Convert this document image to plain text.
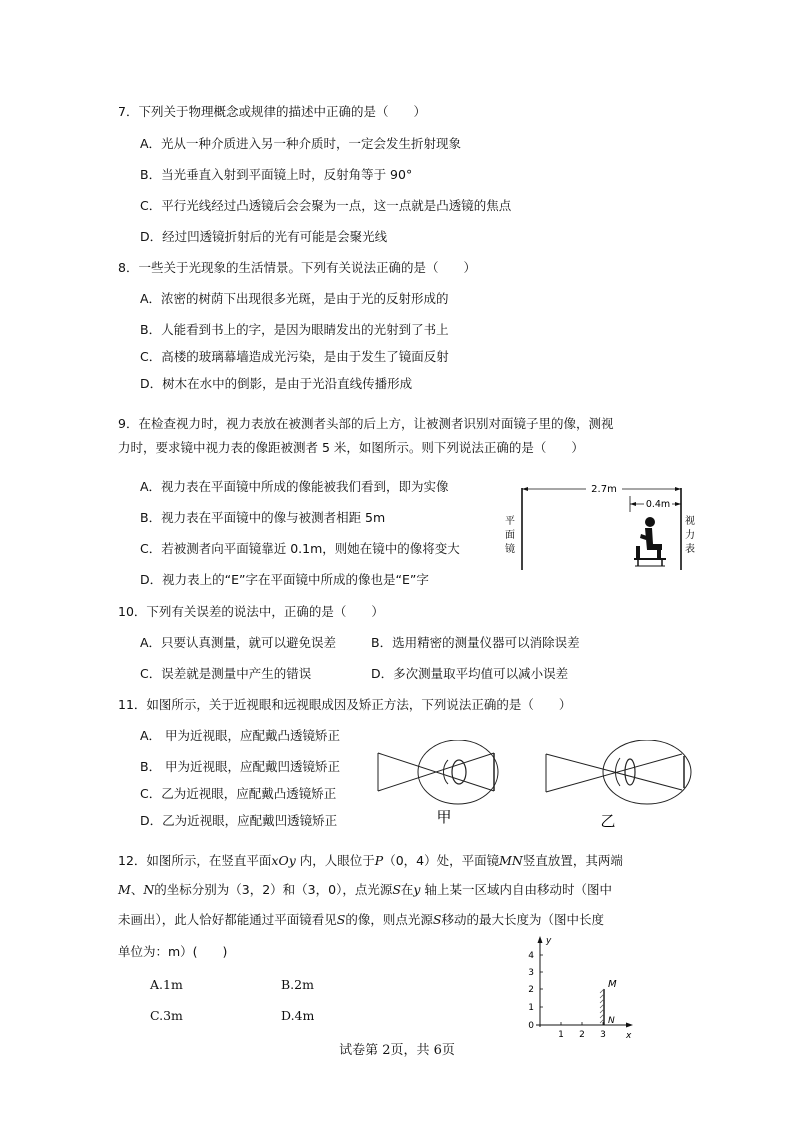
7．下列关于物理概念或规律的描述中正确的是（　　）
A．光从一种介质进入另一种介质时，一定会发生折射现象
B．当光垂直入射到平面镜上时，反射角等于 90°
C．平行光线经过凸透镜后会会聚为一点，这一点就是凸透镜的焦点
D．经过凹透镜折射后的光有可能是会聚光线
8．一些关于光现象的生活情景。下列有关说法正确的是（　　）
A．浓密的树荫下出现很多光斑，是由于光的反射形成的
B．人能看到书上的字，是因为眼睛发出的光射到了书上
C．高楼的玻璃幕墙造成光污染，是由于发生了镜面反射
D．树木在水中的倒影，是由于光沿直线传播形成
9．在检查视力时，视力表放在被测者头部的后上方，让被测者识别对面镜子里的像，测视
力时，要求镜中视力表的像距被测者 5 米，如图所示。则下列说法正确的是（　　）
A．视力表在平面镜中所成的像能被我们看到，即为实像
B．视力表在平面镜中的像与被测者相距 5m
C．若被测者向平面镜靠近 0.1m，则她在镜中的像将变大
D．视力表上的“E”字在平面镜中所成的像也是“E”字
2.7m
0.4m
平
面
镜
视
力
表
10．下列有关误差的说法中，正确的是（　　）
A．只要认真测量，就可以避免误差	B．选用精密的测量仪器可以消除误差
C．误差就是测量中产生的错误	D．多次测量取平均值可以减小误差
11．如图所示，关于近视眼和远视眼成因及矫正方法，下列说法正确的是（　　）
A． 甲为近视眼，应配戴凸透镜矫正
B． 甲为近视眼，应配戴凹透镜矫正
C．乙为近视眼，应配戴凸透镜矫正
D．乙为近视眼，应配戴凹透镜矫正	甲	乙
12．如图所示，在竖直平面xOy 内，人眼位于P（0，4）处，平面镜MN竖直放置，其两端
M、N的坐标分别为（3，2）和（3，0），点光源S在y 轴上某一区域内自由移动时（图中
未画出），此人恰好都能通过平面镜看见S的像，则点光源S移动的最大长度为（图中长度
单位为：m）(　　)
A.1m	B.2m
C.3m	D.4m
y
x
4
3
2
1
0
1 2 3
M
N
试卷第 2页，共 6页
